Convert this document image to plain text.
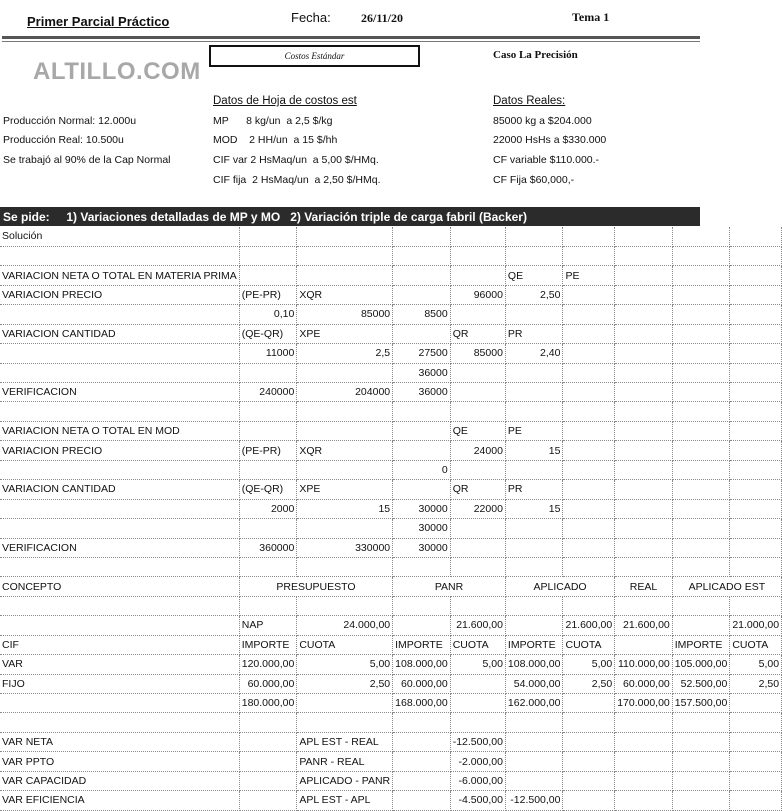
Primer Parcial Práctico	Fecha:	26/11/20	Tema 1
Costos Estándar	Caso La Precisión
ALTILLO.COM
Datos de Hoja de costos est	Datos Reales:
Producción Normal: 12.000u
Producción Real: 10.500u
Se trabajó al 90% de la Cap Normal
MP      8 kg/un  a 2,5 $/kg
MOD    2 HH/un  a 15 $/hh
CIF var 2 HsMaq/un  a 5,00 $/HMq.
CIF fija  2 HsMaq/un  a 2,50 $/HMq.
85000 kg a $204.000
22000 HsHs a $330.000
CF variable $110.000.-
CF Fija $60,000,-
Se pide:     1) Variaciones detalladas de MP y MO   2) Variación triple de carga fabril (Backer)
Solución									

VARIACION NETA O TOTAL EN MATERIA PRIMA					QE	PE			
VARIACION PRECIO	(PE-PR)	XQR		96000	2,50				
	0,10	85000	8500						
VARIACION CANTIDAD	(QE-QR)	XPE		QR	PR				
	11000	2,5	27500	85000	2,40				
			36000						
VERIFICACION	240000	204000	36000						

VARIACION NETA O TOTAL EN MOD				QE	PE				
VARIACION PRECIO	(PE-PR)	XQR		24000	15				
			0						
VARIACION CANTIDAD	(QE-QR)	XPE		QR	PR				
	2000	15	30000	22000	15				
			30000						
VERIFICACION	360000	330000	30000						

CONCEPTO	PRESUPUESTO		PANR		APLICADO		REAL	APLICADO EST	

	NAP	24.000,00		21.600,00		21.600,00	21.600,00		21.000,00
CIF	IMPORTE	CUOTA	IMPORTE	CUOTA	IMPORTE	CUOTA		IMPORTE	CUOTA
VAR	120.000,00	5,00	108.000,00	5,00	108.000,00	5,00	110.000,00	105.000,00	5,00
FIJO	60.000,00	2,50	60.000,00		54.000,00	2,50	60.000,00	52.500,00	2,50
	180.000,00		168.000,00		162.000,00		170.000,00	157.500,00	

VAR NETA		APL EST - REAL		-12.500,00					
VAR PPTO		PANR - REAL		-2.000,00					
VAR CAPACIDAD		APLICADO - PANR		-6.000,00					
VAR EFICIENCIA		APL EST - APL		-4.500,00	-12.500,00				
